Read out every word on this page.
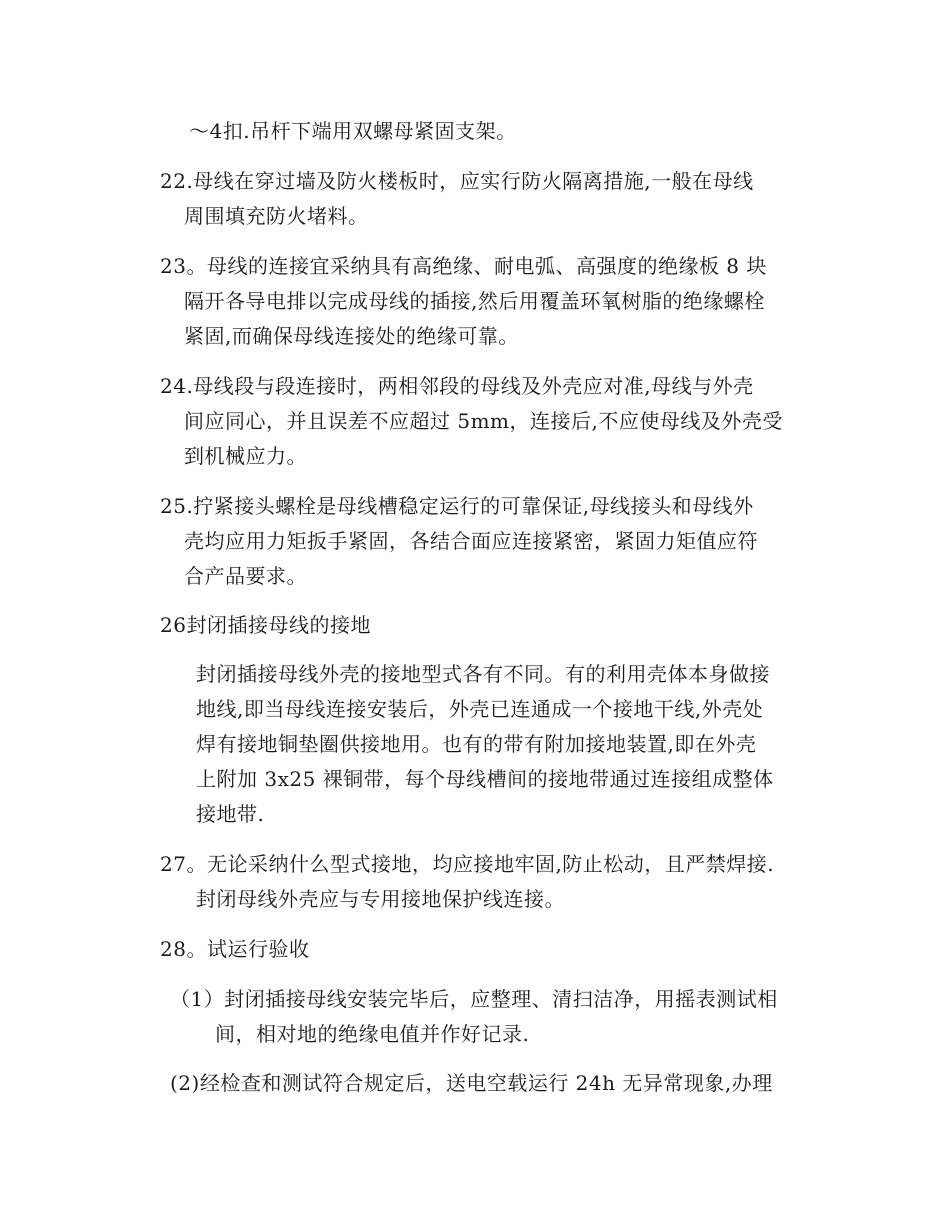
～4扣.吊杆下端用双螺母紧固支架。
22.母线在穿过墙及防火楼板时，应实行防火隔离措施,一般在母线
周围填充防火堵料。
23。母线的连接宜采纳具有高绝缘、耐电弧、高强度的绝缘板 8 块
隔开各导电排以完成母线的插接,然后用覆盖环氧树脂的绝缘螺栓
紧固,而确保母线连接处的绝缘可靠。
24.母线段与段连接时，两相邻段的母线及外壳应对准,母线与外壳
间应同心，并且误差不应超过 5mm，连接后,不应使母线及外壳受
到机械应力。
25.拧紧接头螺栓是母线槽稳定运行的可靠保证,母线接头和母线外
壳均应用力矩扳手紧固，各结合面应连接紧密，紧固力矩值应符
合产品要求。
26封闭插接母线的接地
封闭插接母线外壳的接地型式各有不同。有的利用壳体本身做接
地线,即当母线连接安装后，外壳已连通成一个接地干线,外壳处
焊有接地铜垫圈供接地用。也有的带有附加接地装置,即在外壳
上附加 3x25 裸铜带，每个母线槽间的接地带通过连接组成整体
接地带.
27。无论采纳什么型式接地，均应接地牢固,防止松动，且严禁焊接.
封闭母线外壳应与专用接地保护线连接。
28。试运行验收
（1）封闭插接母线安装完毕后，应整理、清扫洁净，用摇表测试相
间，相对地的绝缘电值并作好记录.
(2)经检查和测试符合规定后，送电空载运行 24h 无异常现象,办理
